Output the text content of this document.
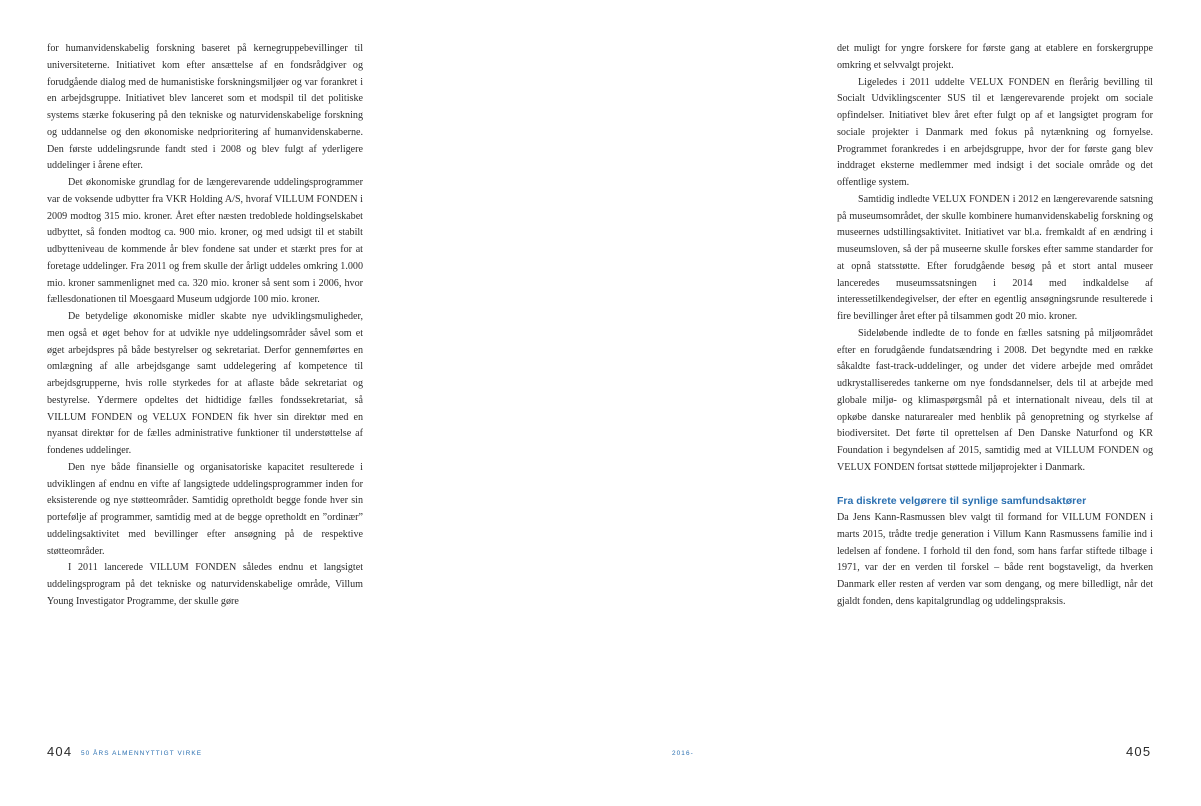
for humanvidenskabelig forskning baseret på kernegruppebevillinger til universiteterne. Initiativet kom efter ansættelse af en fondsrådgiver og forudgående dialog med de humanistiske forskningsmiljøer og var forankret i en arbejdsgruppe. Initiativet blev lanceret som et modspil til det politiske systems stærke fokusering på den tekniske og naturvidenskabelige forskning og uddannelse og den økonomiske nedprioritering af humanvidenskaberne. Den første uddelingsrunde fandt sted i 2008 og blev fulgt af yderligere uddelinger i årene efter.

Det økonomiske grundlag for de længerevarende uddelingsprogrammer var de voksende udbytter fra VKR Holding A/S, hvoraf VILLUM FONDEN i 2009 modtog 315 mio. kroner. Året efter næsten tredoblede holdingselskabet udbyttet, så fonden modtog ca. 900 mio. kroner, og med udsigt til et stabilt udbytteniveau de kommende år blev fondene sat under et stærkt pres for at foretage uddelinger. Fra 2011 og frem skulle der årligt uddeles omkring 1.000 mio. kroner sammenlignet med ca. 320 mio. kroner så sent som i 2006, hvor fællesdonationen til Moesgaard Museum udgjorde 100 mio. kroner.

De betydelige økonomiske midler skabte nye udviklingsmuligheder, men også et øget behov for at udvikle nye uddelingsområder såvel som et øget arbejdspres på både bestyrelser og sekretariat. Derfor gennemførtes en omlægning af alle arbejdsgange samt uddelegering af kompetence til arbejdsgrupperne, hvis rolle styrkedes for at aflaste både sekretariat og bestyrelse. Ydermere opdeltes det hidtidige fælles fondssekretariat, så VILLUM FONDEN og VELUX FONDEN fik hver sin direktør med en nyansat direktør for de fælles administrative funktioner til understøttelse af fondenes uddelinger.

Den nye både finansielle og organisatoriske kapacitet resulterede i udviklingen af endnu en vifte af langsigtede uddelingsprogrammer inden for eksisterende og nye støtteområder. Samtidig opretholdt begge fonde hver sin portefølje af programmer, samtidig med at de begge opretholdt en ”ordinær” uddelingsaktivitet med bevillinger efter ansøgning på de respektive støtteområder.

I 2011 lancerede VILLUM FONDEN således endnu et langsigtet uddelingsprogram på det tekniske og naturvidenskabelige område, Villum Young Investigator Programme, der skulle gøre

det muligt for yngre forskere for første gang at etablere en forskergruppe omkring et selvvalgt projekt.

Ligeledes i 2011 uddelte VELUX FONDEN en flerårig bevilling til Socialt Udviklingscenter SUS til et længerevarende projekt om sociale opfindelser. Initiativet blev året efter fulgt op af et langsigtet program for sociale projekter i Danmark med fokus på nytænkning og fornyelse. Programmet forankredes i en arbejdsgruppe, hvor der for første gang blev inddraget eksterne medlemmer med indsigt i det sociale område og det offentlige system.

Samtidig indledte VELUX FONDEN i 2012 en længerevarende satsning på museumsområdet, der skulle kombinere humanvidenskabelig forskning og museernes udstillingsaktivitet. Initiativet var bl.a. fremkaldt af en ændring i museumsloven, så der på museerne skulle forskes efter samme standarder for at opnå statsstøtte. Efter forudgående besøg på et stort antal museer lanceredes museumssatsningen i 2014 med indkaldelse af interessetilkendegivelser, der efter en egentlig ansøgningsrunde resulterede i fire bevillinger året efter på tilsammen godt 20 mio. kroner.

Sideløbende indledte de to fonde en fælles satsning på miljøområdet efter en forudgående fundatsændring i 2008. Det begyndte med en række såkaldte fast-track-uddelinger, og under det videre arbejde med området udkrystalliseredes tankerne om nye fondsdannelser, dels til at arbejde med globale miljø- og klimaspørgsmål på et internationalt niveau, dels til at opkøbe danske naturarealer med henblik på genopretning og styrkelse af biodiversitet. Det førte til oprettelsen af Den Danske Naturfond og KR Foundation i begyndelsen af 2015, samtidig med at VILLUM FONDEN og VELUX FONDEN fortsat støttede miljøprojekter i Danmark.

Fra diskrete velgørere til synlige samfundsaktører

Da Jens Kann-Rasmussen blev valgt til formand for VILLUM FONDEN i marts 2015, trådte tredje generation i Villum Kann Rasmussens familie ind i ledelsen af fondene. I forhold til den fond, som hans farfar stiftede tilbage i 1971, var der en verden til forskel – både rent bogstaveligt, da hverken Danmark eller resten af verden var som dengang, og mere billedligt, når det gjaldt fonden, dens kapitalgrundlag og uddelingspraksis.

404 50 ÅRS ALMENNYTTIGT VIRKE	2016-	405
